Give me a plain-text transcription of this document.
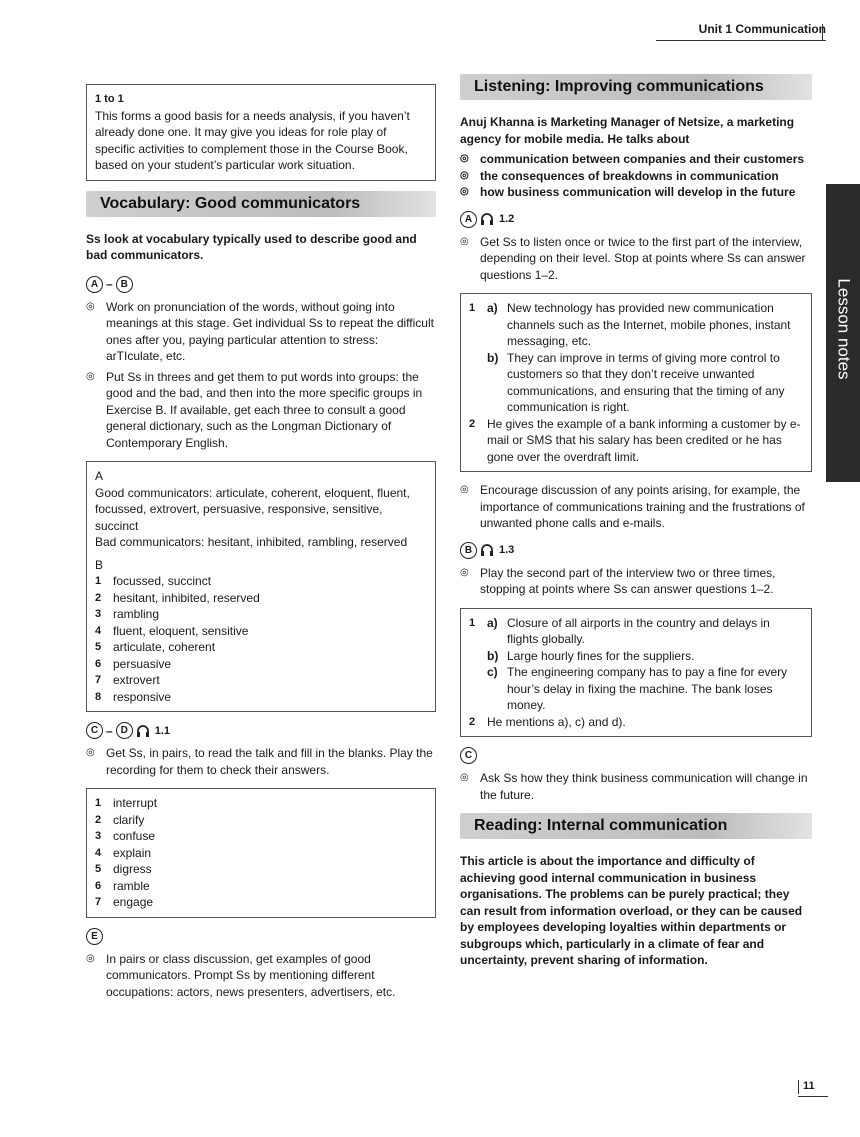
Unit 1 Communication
Lesson notes
1 to 1
This forms a good basis for a needs analysis, if you haven’t already done one. It may give you ideas for role play of specific activities to complement those in the Course Book, based on your student’s particular work situation.
Vocabulary: Good communicators
Ss look at vocabulary typically used to describe good and bad communicators.
A – B
◎ Work on pronunciation of the words, without going into meanings at this stage. Get individual Ss to repeat the difficult ones after you, paying particular attention to stress: arTIculate, etc.
◎ Put Ss in threes and get them to put words into groups: the good and the bad, and then into the more specific groups in Exercise B. If available, get each three to consult a good general dictionary, such as the Longman Dictionary of Contemporary English.
A
Good communicators: articulate, coherent, eloquent, fluent, focussed, extrovert, persuasive, responsive, sensitive, succinct
Bad communicators: hesitant, inhibited, rambling, reserved
B
1 focussed, succinct
2 hesitant, inhibited, reserved
3 rambling
4 fluent, eloquent, sensitive
5 articulate, coherent
6 persuasive
7 extrovert
8 responsive
C – D	1.1
◎ Get Ss, in pairs, to read the talk and fill in the blanks. Play the recording for them to check their answers.
1 interrupt
2 clarify
3 confuse
4 explain
5 digress
6 ramble
7 engage
E
◎ In pairs or class discussion, get examples of good communicators. Prompt Ss by mentioning different occupations: actors, news presenters, advertisers, etc.
Listening: Improving communications
Anuj Khanna is Marketing Manager of Netsize, a marketing agency for mobile media. He talks about
◎ communication between companies and their customers
◎ the consequences of breakdowns in communication
◎ how business communication will develop in the future
A	1.2
◎ Get Ss to listen once or twice to the first part of the interview, depending on their level. Stop at points where Ss can answer questions 1–2.
1 a) New technology has provided new communication channels such as the Internet, mobile phones, instant messaging, etc.
b) They can improve in terms of giving more control to customers so that they don’t receive unwanted communications, and ensuring that the timing of any communication is right.
2 He gives the example of a bank informing a customer by e-mail or SMS that his salary has been credited or he has gone over the overdraft limit.
◎ Encourage discussion of any points arising, for example, the importance of communications training and the frustrations of unwanted phone calls and e-mails.
B	1.3
◎ Play the second part of the interview two or three times, stopping at points where Ss can answer questions 1–2.
1 a) Closure of all airports in the country and delays in flights globally.
b) Large hourly fines for the suppliers.
c) The engineering company has to pay a fine for every hour’s delay in fixing the machine. The bank loses money.
2 He mentions a), c) and d).
C
◎ Ask Ss how they think business communication will change in the future.
Reading: Internal communication
This article is about the importance and difficulty of achieving good internal communication in business organisations. The problems can be purely practical; they can result from information overload, or they can be caused by employees developing loyalties within departments or subgroups which, particularly in a climate of fear and uncertainty, prevent sharing of information.
11
